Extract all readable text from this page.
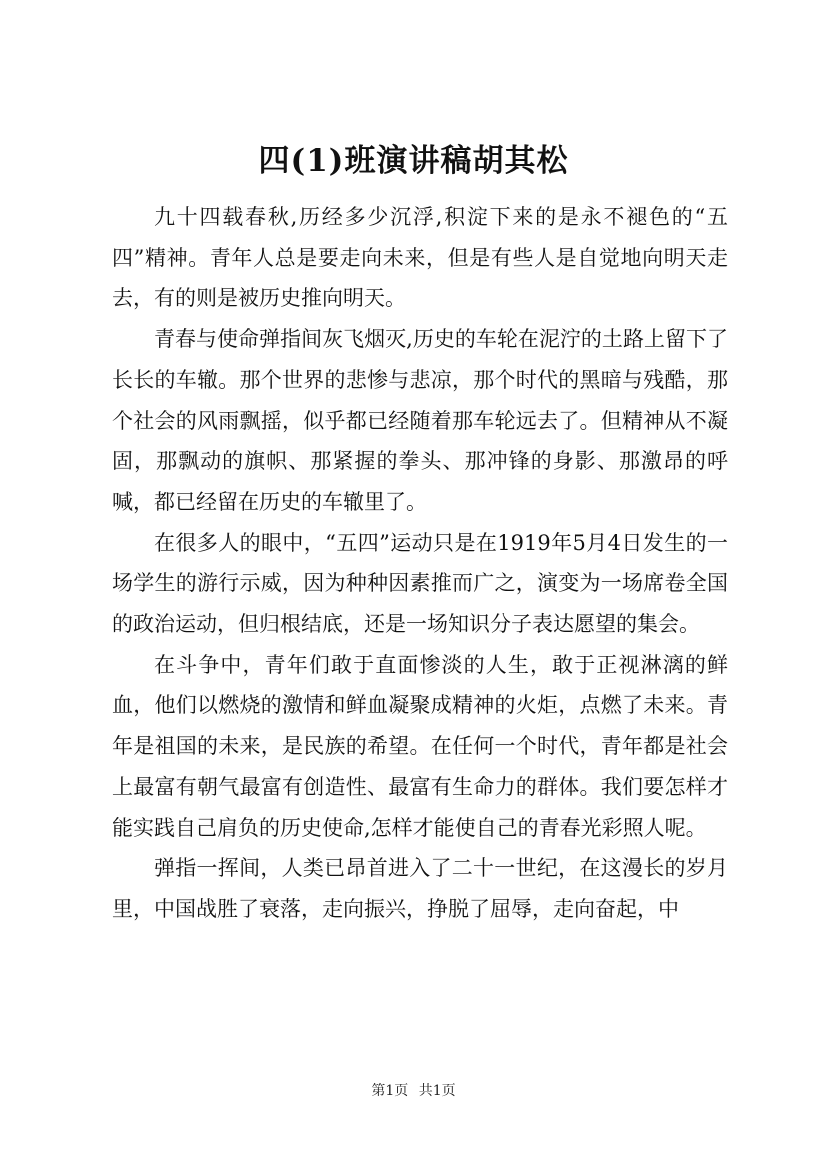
四(1)班演讲稿胡其松

九十四载春秋,历经多少沉浮,积淀下来的是永不褪色的“五四”精神。青年人总是要走向未来，但是有些人是自觉地向明天走去，有的则是被历史推向明天。

青春与使命弹指间灰飞烟灭,历史的车轮在泥泞的土路上留下了长长的车辙。那个世界的悲惨与悲凉，那个时代的黑暗与残酷，那个社会的风雨飘摇，似乎都已经随着那车轮远去了。但精神从不凝固，那飘动的旗帜、那紧握的拳头、那冲锋的身影、那激昂的呼喊，都已经留在历史的车辙里了。

在很多人的眼中，“五四”运动只是在1919年5月4日发生的一场学生的游行示威，因为种种因素推而广之，演变为一场席卷全国的政治运动，但归根结底，还是一场知识分子表达愿望的集会。

在斗争中，青年们敢于直面惨淡的人生，敢于正视淋漓的鲜血，他们以燃烧的激情和鲜血凝聚成精神的火炬，点燃了未来。青年是祖国的未来，是民族的希望。在任何一个时代，青年都是社会上最富有朝气最富有创造性、最富有生命力的群体。我们要怎样才能实践自己肩负的历史使命,怎样才能使自己的青春光彩照人呢。

弹指一挥间，人类已昂首进入了二十一世纪，在这漫长的岁月里，中国战胜了衰落，走向振兴，挣脱了屈辱，走向奋起，中

第1页 共1页
